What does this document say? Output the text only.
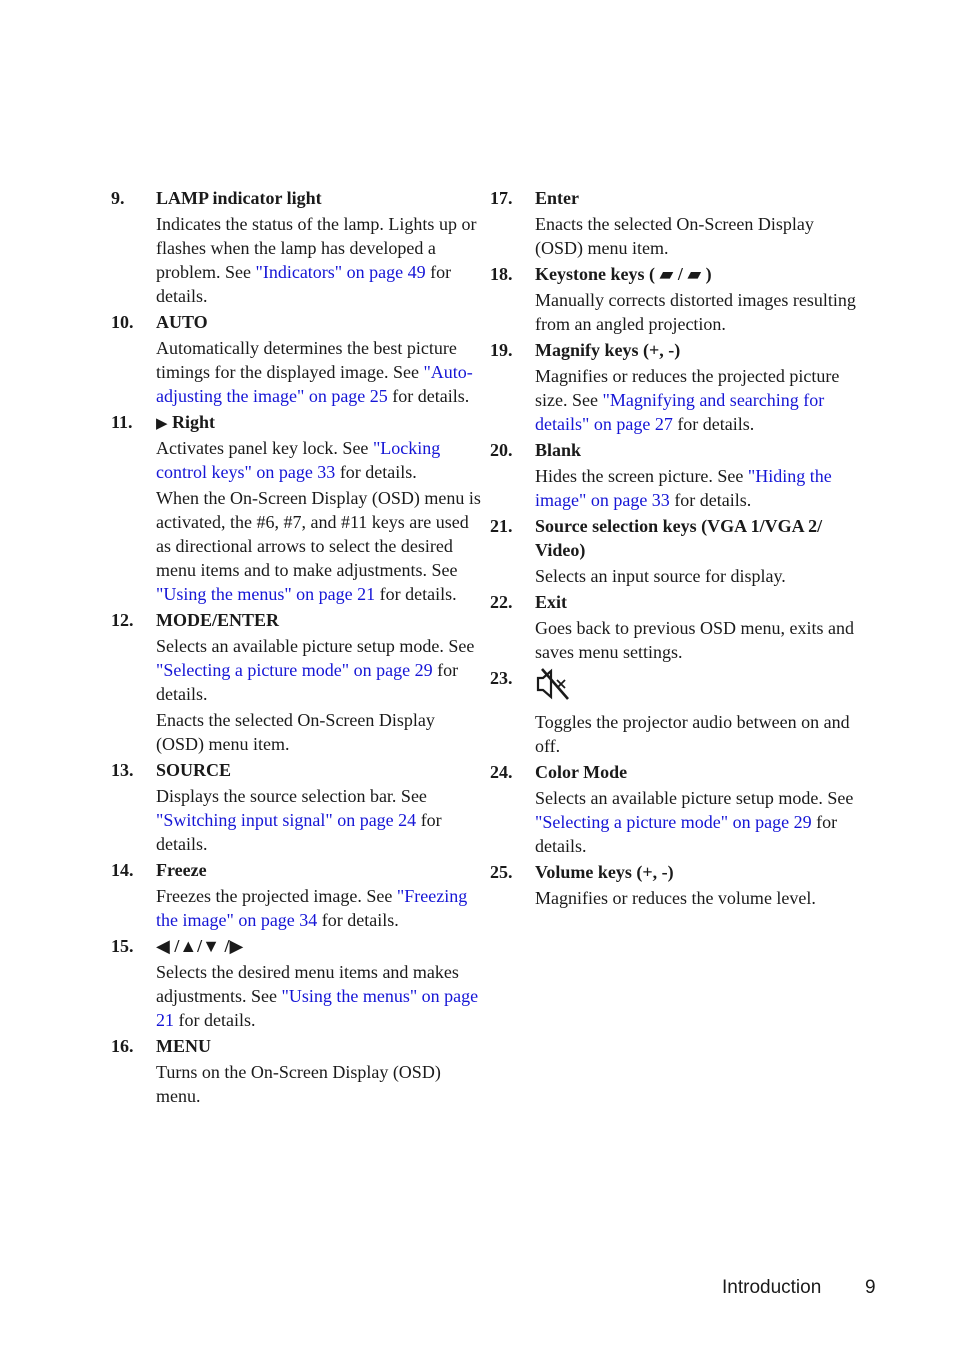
9. LAMP indicator light

Indicates the status of the lamp. Lights up or flashes when the lamp has developed a problem. See "Indicators" on page 49 for details.

10. AUTO

Automatically determines the best picture timings for the displayed image. See "Auto-adjusting the image" on page 25 for details.

11. ▶ Right

Activates panel key lock. See "Locking control keys" on page 33 for details.

When the On-Screen Display (OSD) menu is activated, the #6, #7, and #11 keys are used as directional arrows to select the desired menu items and to make adjustments. See "Using the menus" on page 21 for details.

12. MODE/ENTER

Selects an available picture setup mode. See "Selecting a picture mode" on page 29 for details.

Enacts the selected On-Screen Display (OSD) menu item.

13. SOURCE

Displays the source selection bar. See "Switching input signal" on page 24 for details.

14. Freeze

Freezes the projected image. See "Freezing the image" on page 34 for details.

15. ◀ /▲/▼ /▶

Selects the desired menu items and makes adjustments. See "Using the menus" on page 21 for details.

16. MENU

Turns on the On-Screen Display (OSD) menu.

17. Enter

Enacts the selected On-Screen Display (OSD) menu item.

18. Keystone keys ( ▰ / ▰ )

Manually corrects distorted images resulting from an angled projection.

19. Magnify keys (+, -)

Magnifies or reduces the projected picture size. See "Magnifying and searching for details" on page 27 for details.

20. Blank

Hides the screen picture. See "Hiding the image" on page 33 for details.

21. Source selection keys (VGA 1/VGA 2/ Video)

Selects an input source for display.

22. Exit

Goes back to previous OSD menu, exits and saves menu settings.

23.

Toggles the projector audio between on and off.

24. Color Mode

Selects an available picture setup mode. See "Selecting a picture mode" on page 29 for details.

25. Volume keys (+, -)

Magnifies or reduces the volume level.

Introduction 9
